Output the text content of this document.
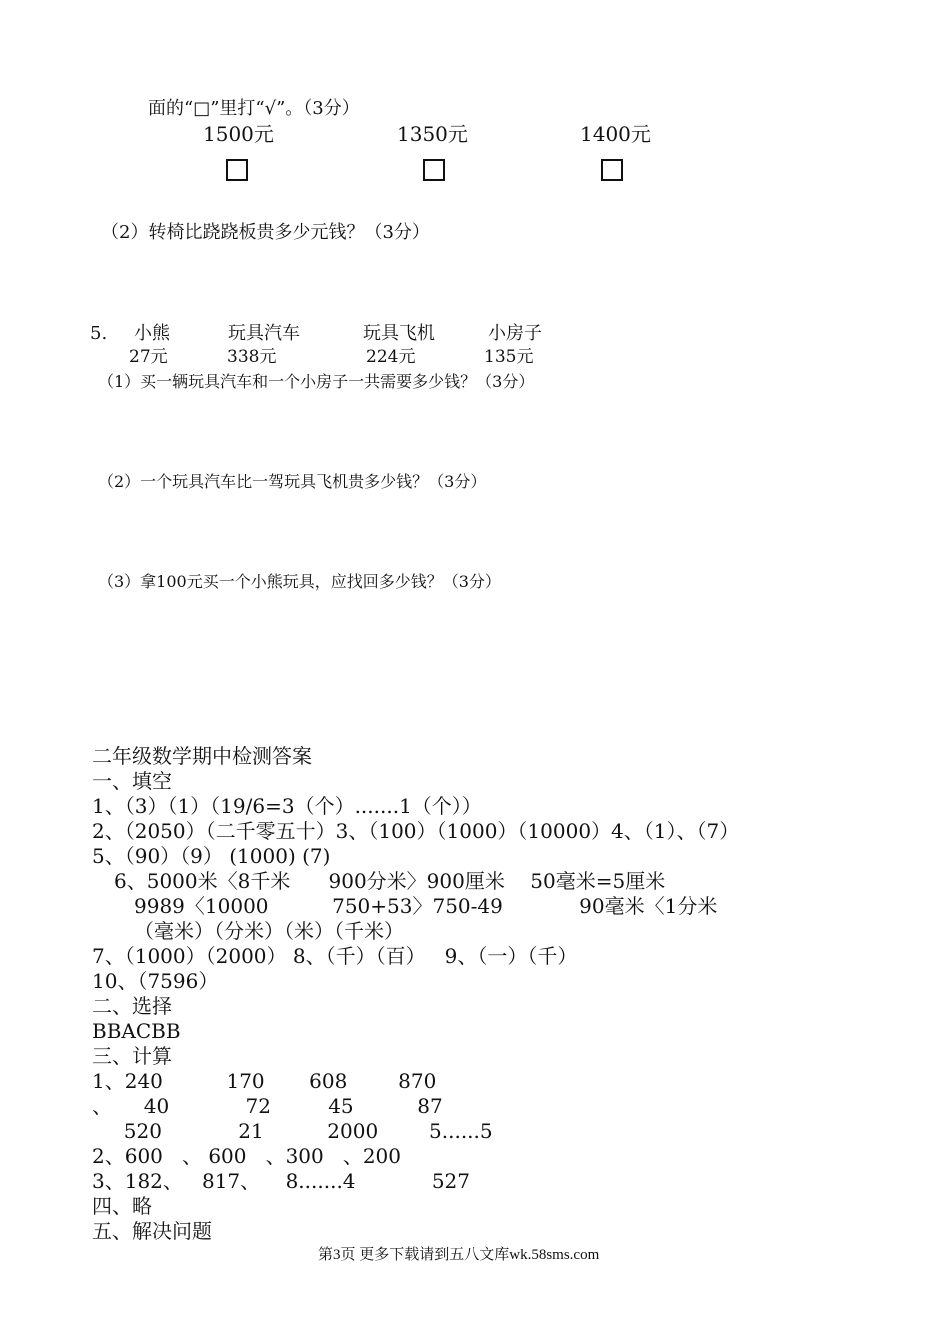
面的“□”里打“√”。（3分）
1500元	1350元	1400元
（2）转椅比跷跷板贵多少元钱？（3分）
5. 小熊	玩具汽车	玩具飞机	小房子
27元	338元	224元	135元
（1）买一辆玩具汽车和一个小房子一共需要多少钱？（3分）
（2）一个玩具汽车比一驾玩具飞机贵多少钱？（3分）
（3）拿100元买一个小熊玩具，应找回多少钱？（3分）
二年级数学期中检测答案
一、填空
1、（3）（1）（19/6=3（个）.......1（个））
2、（2050）（二千零五十）3、（100）（1000）（10000）4、（1）、（7）
5、（90）（9） (1000) (7)
6、5000米〈8千米      900分米〉900厘米    50毫米=5厘米
9989〈10000          750+53〉750-49            90毫米〈1分米
（毫米）（分米）（米）（千米）
7、（1000）（2000） 8、（千）（百）   9、（一）（千）
10、（7596）
二、选择
BBACBB
三、计算
1、240          170       608        870
、     40            72         45          87
520            21          2000        5......5
2、600   、 600   、300   、200
3、182、   817、    8.......4            527
四、略
五、解决问题
第3页 更多下载请到五八文库wk.58sms.com
